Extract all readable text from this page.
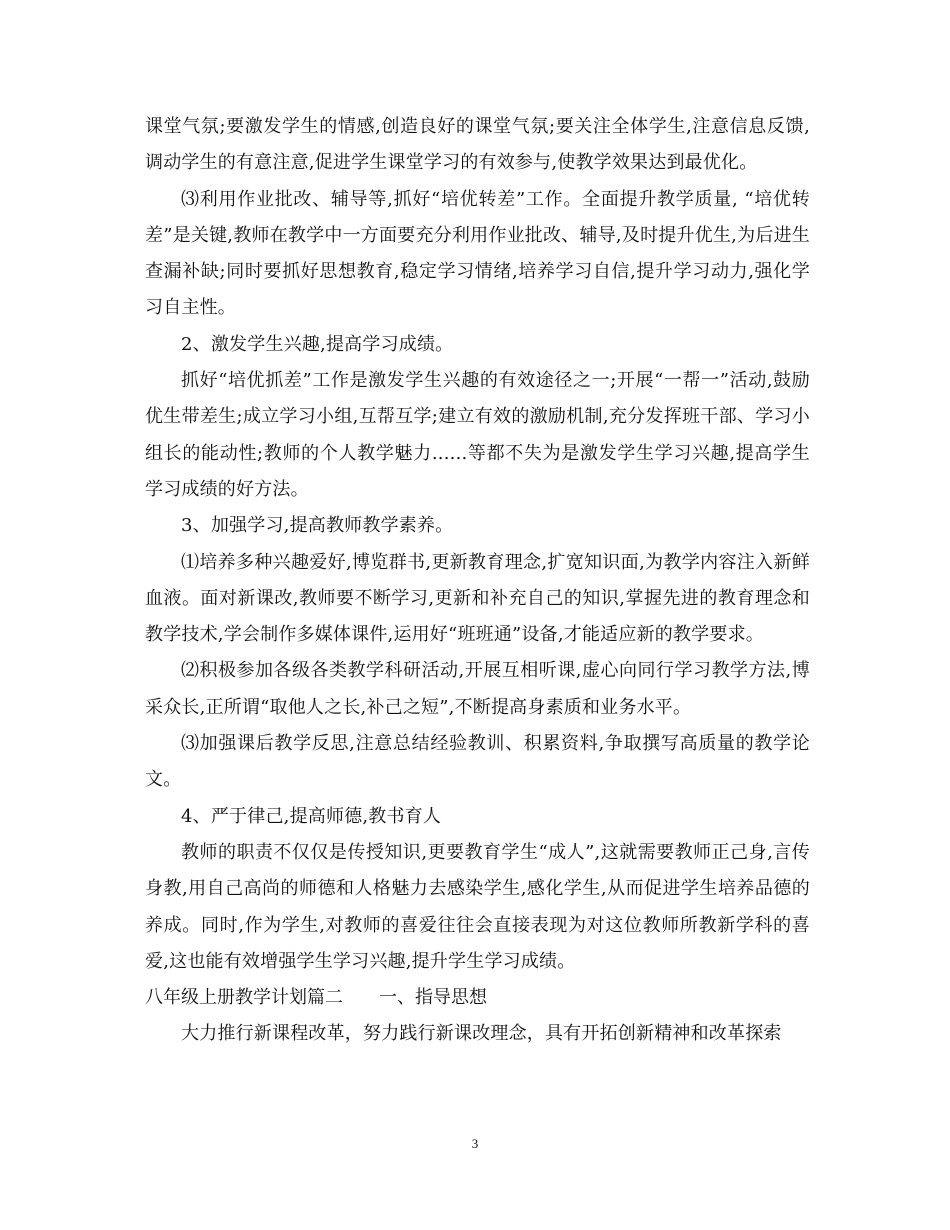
课堂气氛;要激发学生的情感,创造良好的课堂气氛;要关注全体学生,注意信息反馈,调动学生的有意注意,促进学生课堂学习的有效参与,使教学效果达到最优化。

⑶利用作业批改、辅导等,抓好“培优转差”工作。全面提升教学质量, “培优转差”是关键,教师在教学中一方面要充分利用作业批改、辅导,及时提升优生,为后进生查漏补缺;同时要抓好思想教育,稳定学习情绪,培养学习自信,提升学习动力,强化学习自主性。

2、激发学生兴趣,提高学习成绩。

抓好“培优抓差”工作是激发学生兴趣的有效途径之一;开展“一帮一”活动,鼓励优生带差生;成立学习小组,互帮互学;建立有效的激励机制,充分发挥班干部、学习小组长的能动性;教师的个人教学魅力......等都不失为是激发学生学习兴趣,提高学生学习成绩的好方法。

3、加强学习,提高教师教学素养。

⑴培养多种兴趣爱好,博览群书,更新教育理念,扩宽知识面,为教学内容注入新鲜血液。面对新课改,教师要不断学习,更新和补充自己的知识,掌握先进的教育理念和教学技术,学会制作多媒体课件,运用好“班班通”设备,才能适应新的教学要求。

⑵积极参加各级各类教学科研活动,开展互相听课,虚心向同行学习教学方法,博采众长,正所谓“取他人之长,补己之短”,不断提高身素质和业务水平。

⑶加强课后教学反思,注意总结经验教训、积累资料,争取撰写高质量的教学论文。

4、严于律己,提高师德,教书育人

教师的职责不仅仅是传授知识,更要教育学生“成人”,这就需要教师正己身,言传身教,用自己高尚的师德和人格魅力去感染学生,感化学生,从而促进学生培养品德的养成。同时,作为学生,对教师的喜爱往往会直接表现为对这位教师所教新学科的喜爱,这也能有效增强学生学习兴趣,提升学生学习成绩。

八年级上册教学计划篇二 一、指导思想

大力推行新课程改革，努力践行新课改理念，具有开拓创新精神和改革探索

3
